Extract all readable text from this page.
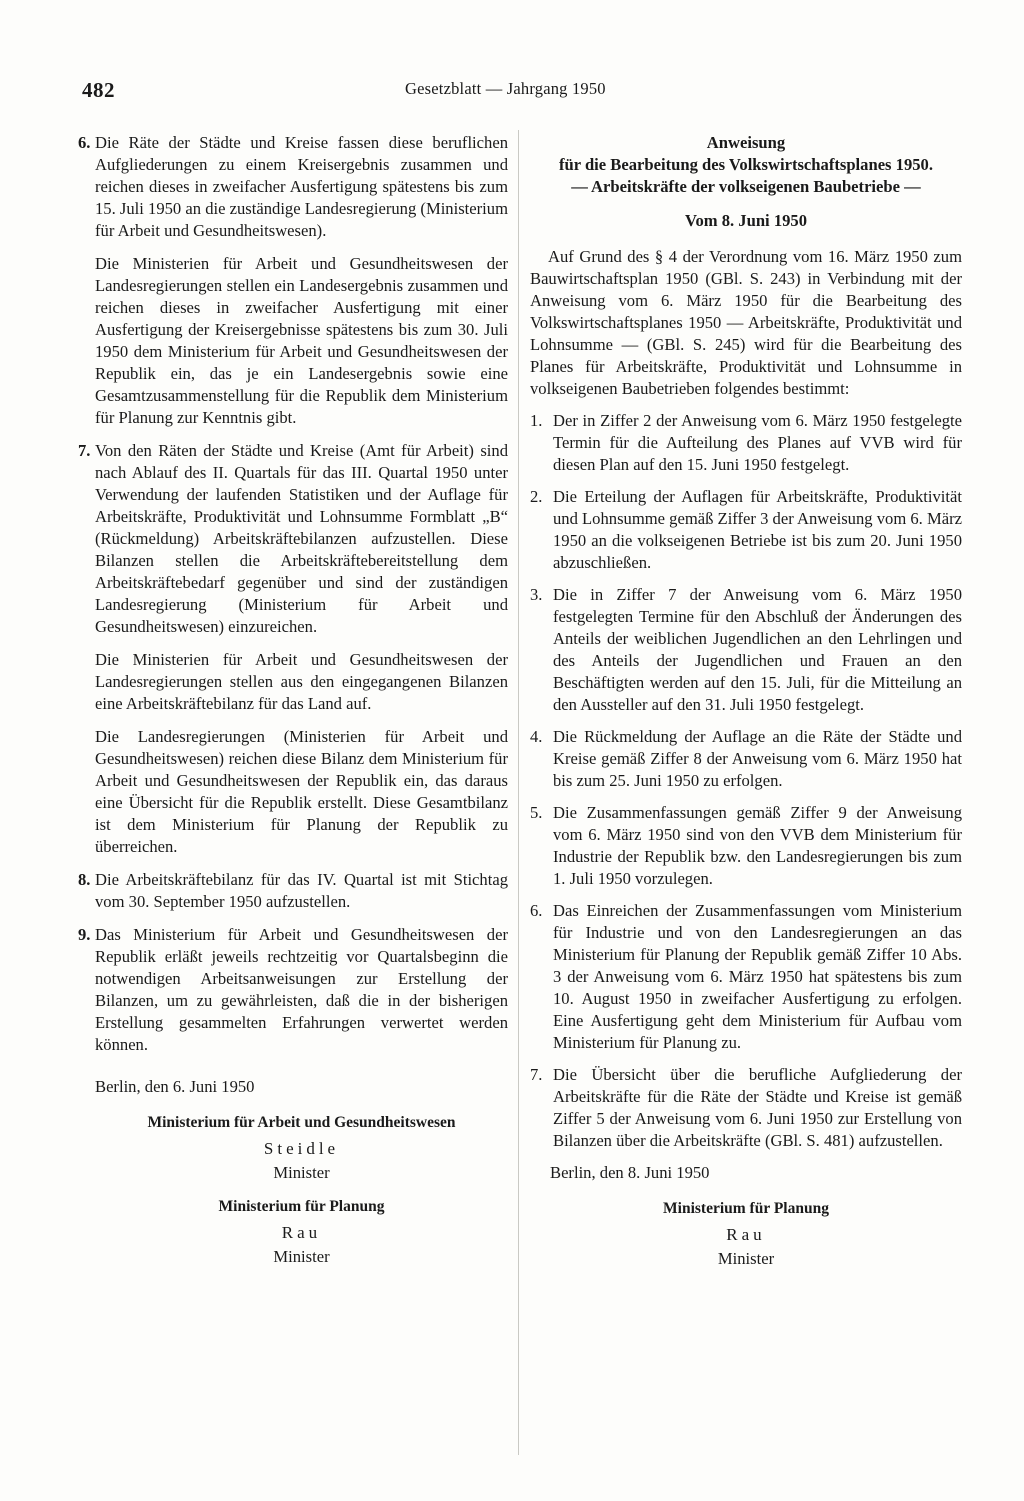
482	Gesetzblatt — Jahrgang 1950
6. Die Räte der Städte und Kreise fassen diese beruflichen Aufgliederungen zu einem Kreisergebnis zusammen und reichen dieses in zweifacher Ausfertigung spätestens bis zum 15. Juli 1950 an die zuständige Landesregierung (Ministerium für Arbeit und Gesundheitswesen).

Die Ministerien für Arbeit und Gesundheitswesen der Landesregierungen stellen ein Landesergebnis zusammen und reichen dieses in zweifacher Ausfertigung mit einer Ausfertigung der Kreisergebnisse spätestens bis zum 30. Juli 1950 dem Ministerium für Arbeit und Gesundheitswesen der Republik ein, das je ein Landesergebnis sowie eine Gesamtzusammenstellung für die Republik dem Ministerium für Planung zur Kenntnis gibt.

7. Von den Räten der Städte und Kreise (Amt für Arbeit) sind nach Ablauf des II. Quartals für das III. Quartal 1950 unter Verwendung der laufenden Statistiken und der Auflage für Arbeitskräfte, Produktivität und Lohnsumme Formblatt „B“ (Rückmeldung) Arbeitskräftebilanzen aufzustellen. Diese Bilanzen stellen die Arbeitskräftebereitstellung dem Arbeitskräftebedarf gegenüber und sind der zuständigen Landesregierung (Ministerium für Arbeit und Gesundheitswesen) einzureichen.

Die Ministerien für Arbeit und Gesundheitswesen der Landesregierungen stellen aus den eingegangenen Bilanzen eine Arbeitskräftebilanz für das Land auf.

Die Landesregierungen (Ministerien für Arbeit und Gesundheitswesen) reichen diese Bilanz dem Ministerium für Arbeit und Gesundheitswesen der Republik ein, das daraus eine Übersicht für die Republik erstellt. Diese Gesamtbilanz ist dem Ministerium für Planung der Republik zu überreichen.

8. Die Arbeitskräftebilanz für das IV. Quartal ist mit Stichtag vom 30. September 1950 aufzustellen.
9. Das Ministerium für Arbeit und Gesundheitswesen der Republik erläßt jeweils rechtzeitig vor Quartalsbeginn die notwendigen Arbeitsanweisungen zur Erstellung der Bilanzen, um zu gewährleisten, daß die in der bisherigen Erstellung gesammelten Erfahrungen verwertet werden können.

Berlin, den 6. Juni 1950

Ministerium für Arbeit und Gesundheitswesen
Steidle
Minister
Ministerium für Planung
Rau
Minister

Anweisung

für die Bearbeitung des Volkswirtschaftsplanes 1950.

— Arbeitskräfte der volkseigenen Baubetriebe —

Vom 8. Juni 1950

Auf Grund des § 4 der Verordnung vom 16. März 1950 zum Bauwirtschaftsplan 1950 (GBl. S. 243) in Verbindung mit der Anweisung vom 6. März 1950 für die Bearbeitung des Volkswirtschaftsplanes 1950 — Arbeitskräfte, Produktivität und Lohnsumme — (GBl. S. 245) wird für die Bearbeitung des Planes für Arbeitskräfte, Produktivität und Lohnsumme in volkseigenen Baubetrieben folgendes bestimmt:

1. Der in Ziffer 2 der Anweisung vom 6. März 1950 festgelegte Termin für die Aufteilung des Planes auf VVB wird für diesen Plan auf den 15. Juni 1950 festgelegt.
2. Die Erteilung der Auflagen für Arbeitskräfte, Produktivität und Lohnsumme gemäß Ziffer 3 der Anweisung vom 6. März 1950 an die volkseigenen Betriebe ist bis zum 20. Juni 1950 abzuschließen.
3. Die in Ziffer 7 der Anweisung vom 6. März 1950 festgelegten Termine für den Abschluß der Änderungen des Anteils der weiblichen Jugendlichen an den Lehrlingen und des Anteils der Jugendlichen und Frauen an den Beschäftigten werden auf den 15. Juli, für die Mitteilung an den Aussteller auf den 31. Juli 1950 festgelegt.
4. Die Rückmeldung der Auflage an die Räte der Städte und Kreise gemäß Ziffer 8 der Anweisung vom 6. März 1950 hat bis zum 25. Juni 1950 zu erfolgen.
5. Die Zusammenfassungen gemäß Ziffer 9 der Anweisung vom 6. März 1950 sind von den VVB dem Ministerium für Industrie der Republik bzw. den Landesregierungen bis zum 1. Juli 1950 vorzulegen.
6. Das Einreichen der Zusammenfassungen vom Ministerium für Industrie und von den Landesregierungen an das Ministerium für Planung der Republik gemäß Ziffer 10 Abs. 3 der Anweisung vom 6. März 1950 hat spätestens bis zum 10. August 1950 in zweifacher Ausfertigung zu erfolgen. Eine Ausfertigung geht dem Ministerium für Aufbau vom Ministerium für Planung zu.
7. Die Übersicht über die berufliche Aufgliederung der Arbeitskräfte für die Räte der Städte und Kreise ist gemäß Ziffer 5 der Anweisung vom 6. Juni 1950 zur Erstellung von Bilanzen über die Arbeitskräfte (GBl. S. 481) aufzustellen.

Berlin, den 8. Juni 1950

Ministerium für Planung
Rau
Minister
